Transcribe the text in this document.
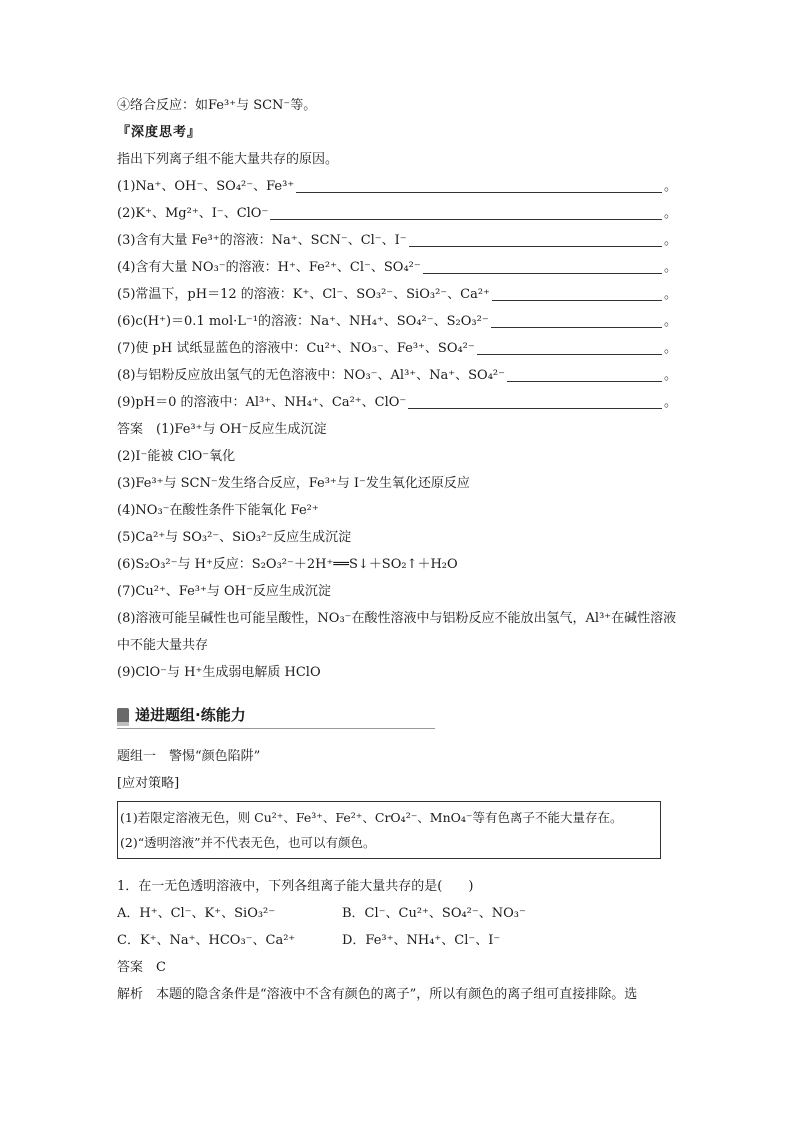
④络合反应：如Fe³⁺与 SCN⁻等。
『深度思考』
指出下列离子组不能大量共存的原因。
(1)Na⁺、OH⁻、SO₄²⁻、Fe³⁺	。
(2)K⁺、Mg²⁺、I⁻、ClO⁻	。
(3)含有大量 Fe³⁺的溶液：Na⁺、SCN⁻、Cl⁻、I⁻	。
(4)含有大量 NO₃⁻的溶液：H⁺、Fe²⁺、Cl⁻、SO₄²⁻	。
(5)常温下，pH＝12 的溶液：K⁺、Cl⁻、SO₃²⁻、SiO₃²⁻、Ca²⁺	。
(6)c(H⁺)＝0.1 mol·L⁻¹的溶液：Na⁺、NH₄⁺、SO₄²⁻、S₂O₃²⁻	。
(7)使 pH 试纸显蓝色的溶液中：Cu²⁺、NO₃⁻、Fe³⁺、SO₄²⁻	。
(8)与铝粉反应放出氢气的无色溶液中：NO₃⁻、Al³⁺、Na⁺、SO₄²⁻	。
(9)pH＝0 的溶液中：Al³⁺、NH₄⁺、Ca²⁺、ClO⁻	。
答案　(1)Fe³⁺与 OH⁻反应生成沉淀
(2)I⁻能被 ClO⁻氧化
(3)Fe³⁺与 SCN⁻发生络合反应，Fe³⁺与 I⁻发生氧化还原反应
(4)NO₃⁻在酸性条件下能氧化 Fe²⁺
(5)Ca²⁺与 SO₃²⁻、SiO₃²⁻反应生成沉淀
(6)S₂O₃²⁻与 H⁺反应：S₂O₃²⁻＋2H⁺══S↓＋SO₂↑＋H₂O
(7)Cu²⁺、Fe³⁺与 OH⁻反应生成沉淀
(8)溶液可能呈碱性也可能呈酸性，NO₃⁻在酸性溶液中与铝粉反应不能放出氢气，Al³⁺在碱性溶液中不能大量共存
(9)ClO⁻与 H⁺生成弱电解质 HClO
递进题组·练能力
题组一　警惕“颜色陷阱”
[应对策略]
(1)若限定溶液无色，则 Cu²⁺、Fe³⁺、Fe²⁺、CrO₄²⁻、MnO₄⁻等有色离子不能大量存在。
(2)“透明溶液”并不代表无色，也可以有颜色。
1．在一无色透明溶液中，下列各组离子能大量共存的是(　　)
A．H⁺、Cl⁻、K⁺、SiO₃²⁻	B．Cl⁻、Cu²⁺、SO₄²⁻、NO₃⁻
C．K⁺、Na⁺、HCO₃⁻、Ca²⁺	D．Fe³⁺、NH₄⁺、Cl⁻、I⁻
答案　C
解析　本题的隐含条件是“溶液中不含有颜色的离子”，所以有颜色的离子组可直接排除。选
